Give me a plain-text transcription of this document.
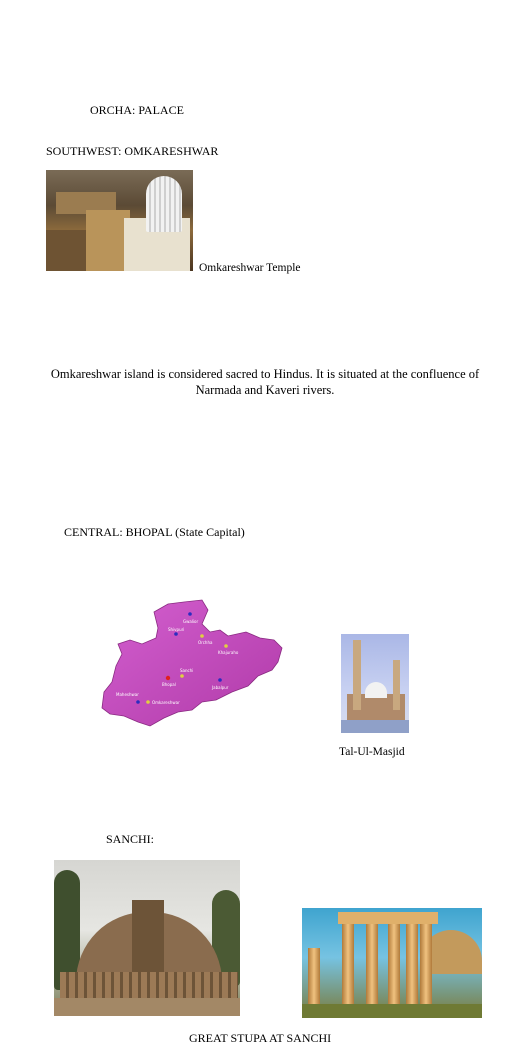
ORCHA: PALACE
SOUTHWEST: OMKARESHWAR
Omkareshwar Temple
Omkareshwar island is considered sacred to Hindus. It is situated at the confluence of Narmada and Kaveri rivers.
CENTRAL: BHOPAL (State Capital)
Gwalior
Shivpuri
Orchha
Khajuraho
Sanchi
Bhopal
Jabalpur
Maheshwar
Omkareshwar
Tal-Ul-Masjid
SANCHI:
GREAT STUPA AT SANCHI
